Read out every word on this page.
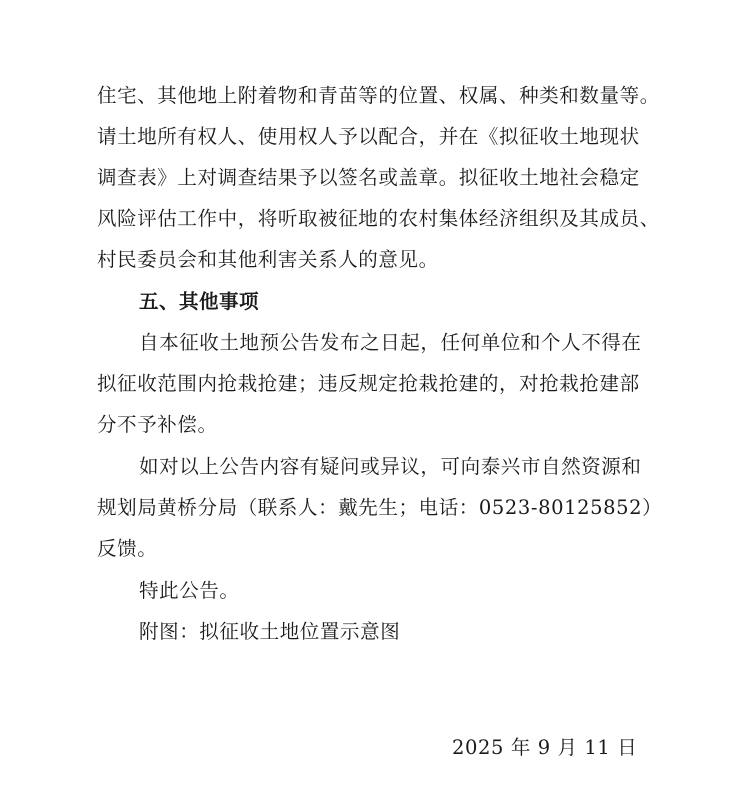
住宅、其他地上附着物和青苗等的位置、权属、种类和数量等。
请土地所有权人、使用权人予以配合，并在《拟征收土地现状
调查表》上对调查结果予以签名或盖章。拟征收土地社会稳定
风险评估工作中，将听取被征地的农村集体经济组织及其成员、
村民委员会和其他利害关系人的意见。
五、其他事项
自本征收土地预公告发布之日起，任何单位和个人不得在
拟征收范围内抢栽抢建；违反规定抢栽抢建的，对抢栽抢建部
分不予补偿。
如对以上公告内容有疑问或异议，可向泰兴市自然资源和
规划局黄桥分局（联系人：戴先生；电话：0523-80125852）
反馈。
特此公告。
附图：拟征收土地位置示意图
2025 年 9 月 11 日
